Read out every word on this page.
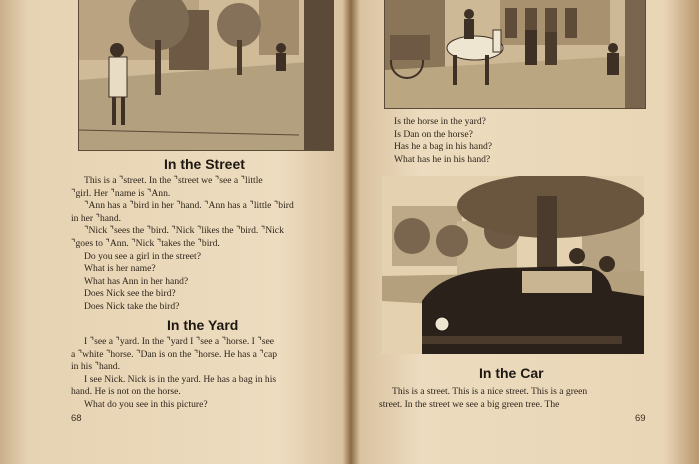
In the Street
This is a ⌝street. In the ⌝street we ⌝see a ⌝little
⌝girl. Her ⌝name is ⌝Ann.
⌝Ann has a ⌝bird in her ⌝hand. ⌝Ann has a ⌝little ⌝bird
in her ⌝hand.
⌝Nick ⌝sees the ⌝bird. ⌝Nick ⌝likes the ⌝bird. ⌝Nick
⌝goes to ⌝Ann. ⌝Nick ⌝takes the ⌝bird.
Do you see a girl in the street?
What is her name?
What has Ann in her hand?
Does Nick see the bird?
Does Nick take the bird?
In the Yard
I ⌝see a ⌝yard. In the ⌝yard I ⌝see a ⌝horse. I ⌝see
a ⌝white ⌝horse. ⌝Dan is on the ⌝horse. He has a ⌝cap
in his ⌝hand.
I see Nick. Nick is in the yard. He has a bag in his
hand. He is not on the horse.
What do you see in this picture?
68
Is the horse in the yard?
Is Dan on the horse?
Has he a bag in his hand?
What has he in his hand?
In the Car
This is a street. This is a nice street. This is a green
street. In the street we see a big green tree. The
69
